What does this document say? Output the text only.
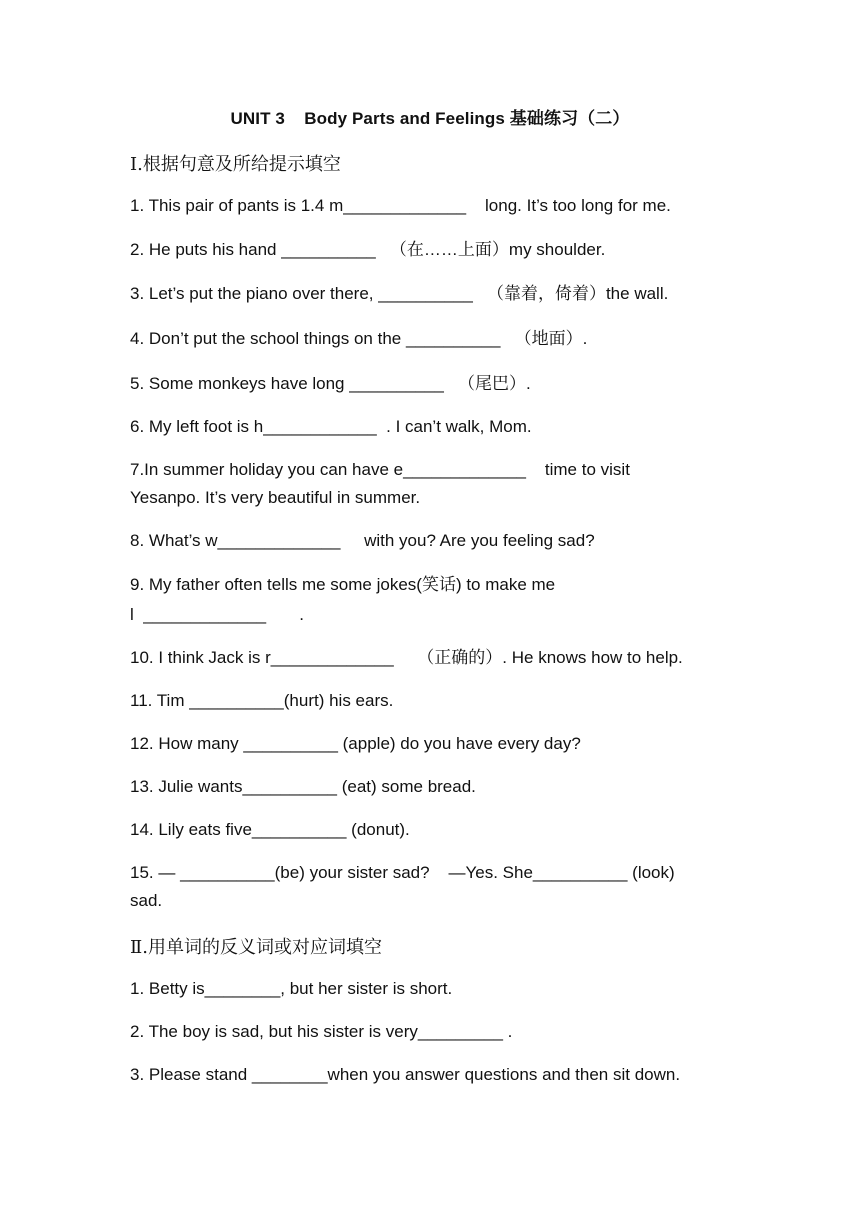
UNIT 3    Body Parts and Feelings 基础练习（二）
Ⅰ.根据句意及所给提示填空
1. This pair of pants is 1.4 m_____________    long. It’s too long for me.
2. He puts his hand __________   （在……上面）my shoulder.
3. Let’s put the piano over there, __________   （靠着，倚着）the wall.
4. Don’t put the school things on the __________   （地面）.
5. Some monkeys have long __________   （尾巴）.
6. My left foot is h____________  . I can’t walk, Mom.
7.In summer holiday you can have e_____________    time to visit
Yesanpo. It’s very beautiful in summer.
8. What’s w_____________     with you? Are you feeling sad?
9. My father often tells me some jokes(笑话) to make me
l  _____________       .
10. I think Jack is r_____________     （正确的）. He knows how to help.
11. Tim __________(hurt) his ears.
12. How many __________ (apple) do you have every day?
13. Julie wants__________ (eat) some bread.
14. Lily eats five__________ (donut).
15. — __________(be) your sister sad?    —Yes. She__________ (look)
sad.
Ⅱ.用单词的反义词或对应词填空
1. Betty is________, but her sister is short.
2. The boy is sad, but his sister is very_________ .
3. Please stand ________when you answer questions and then sit down.
